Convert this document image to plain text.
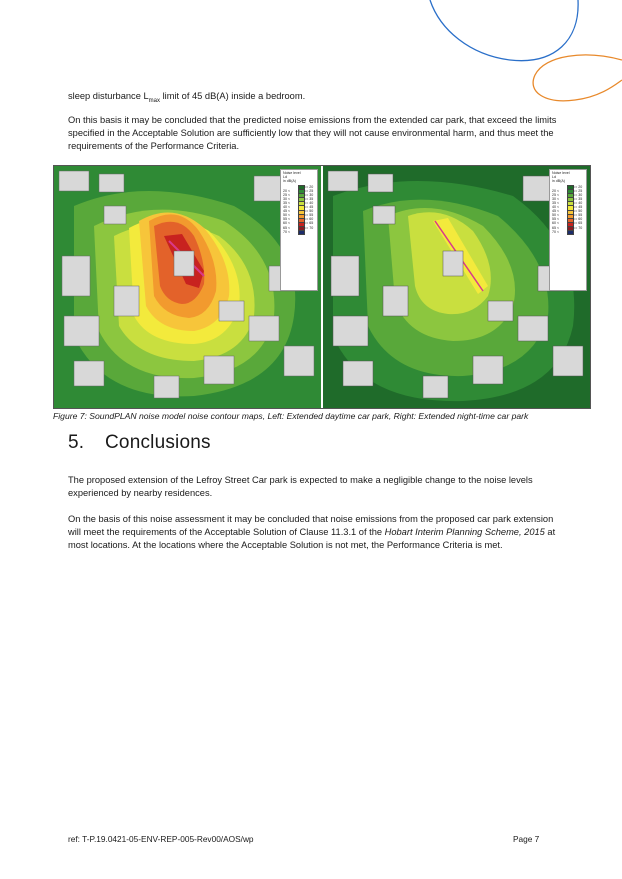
sleep disturbance $L_{max}$ limit of 45 dB(A) inside a bedroom.
On this basis it may be concluded that the predicted noise emissions from the extended car park, that exceed the limits
specified in the Acceptable Solution are sufficiently low that they will not cause environmental harm, and thus meet the
requirements of the Performance Criteria.
Noise level
Ld
in dB(A)
<= 20
20 <	<= 25
25 <	<= 30
30 <	<= 35
35 <	<= 40
40 <	<= 45
45 <	<= 50
50 <	<= 55
55 <	<= 60
60 <	<= 65
65 <	<= 70
70 <
Noise level
Ld
in dB(A)
<= 20
20 <	<= 25
25 <	<= 30
30 <	<= 35
35 <	<= 40
40 <	<= 45
45 <	<= 50
50 <	<= 55
55 <	<= 60
60 <	<= 65
65 <	<= 70
70 <
Figure 7: SoundPLAN noise model noise contour maps, Left: Extended daytime car park, Right: Extended night-time car park
5. Conclusions
The proposed extension of the Lefroy Street Car park is expected to make a negligible change to the noise levels
experienced by nearby residences.
On the basis of this noise assessment it may be concluded that noise emissions from the proposed car park extension
will meet the requirements of the Acceptable Solution of Clause 11.3.1 of the Hobart Interim Planning Scheme, 2015 at
most locations. At the locations where the Acceptable Solution is not met, the Performance Criteria is met.
ref: T-P.19.0421-05-ENV-REP-005-Rev00/AOS/wp	Page 7
